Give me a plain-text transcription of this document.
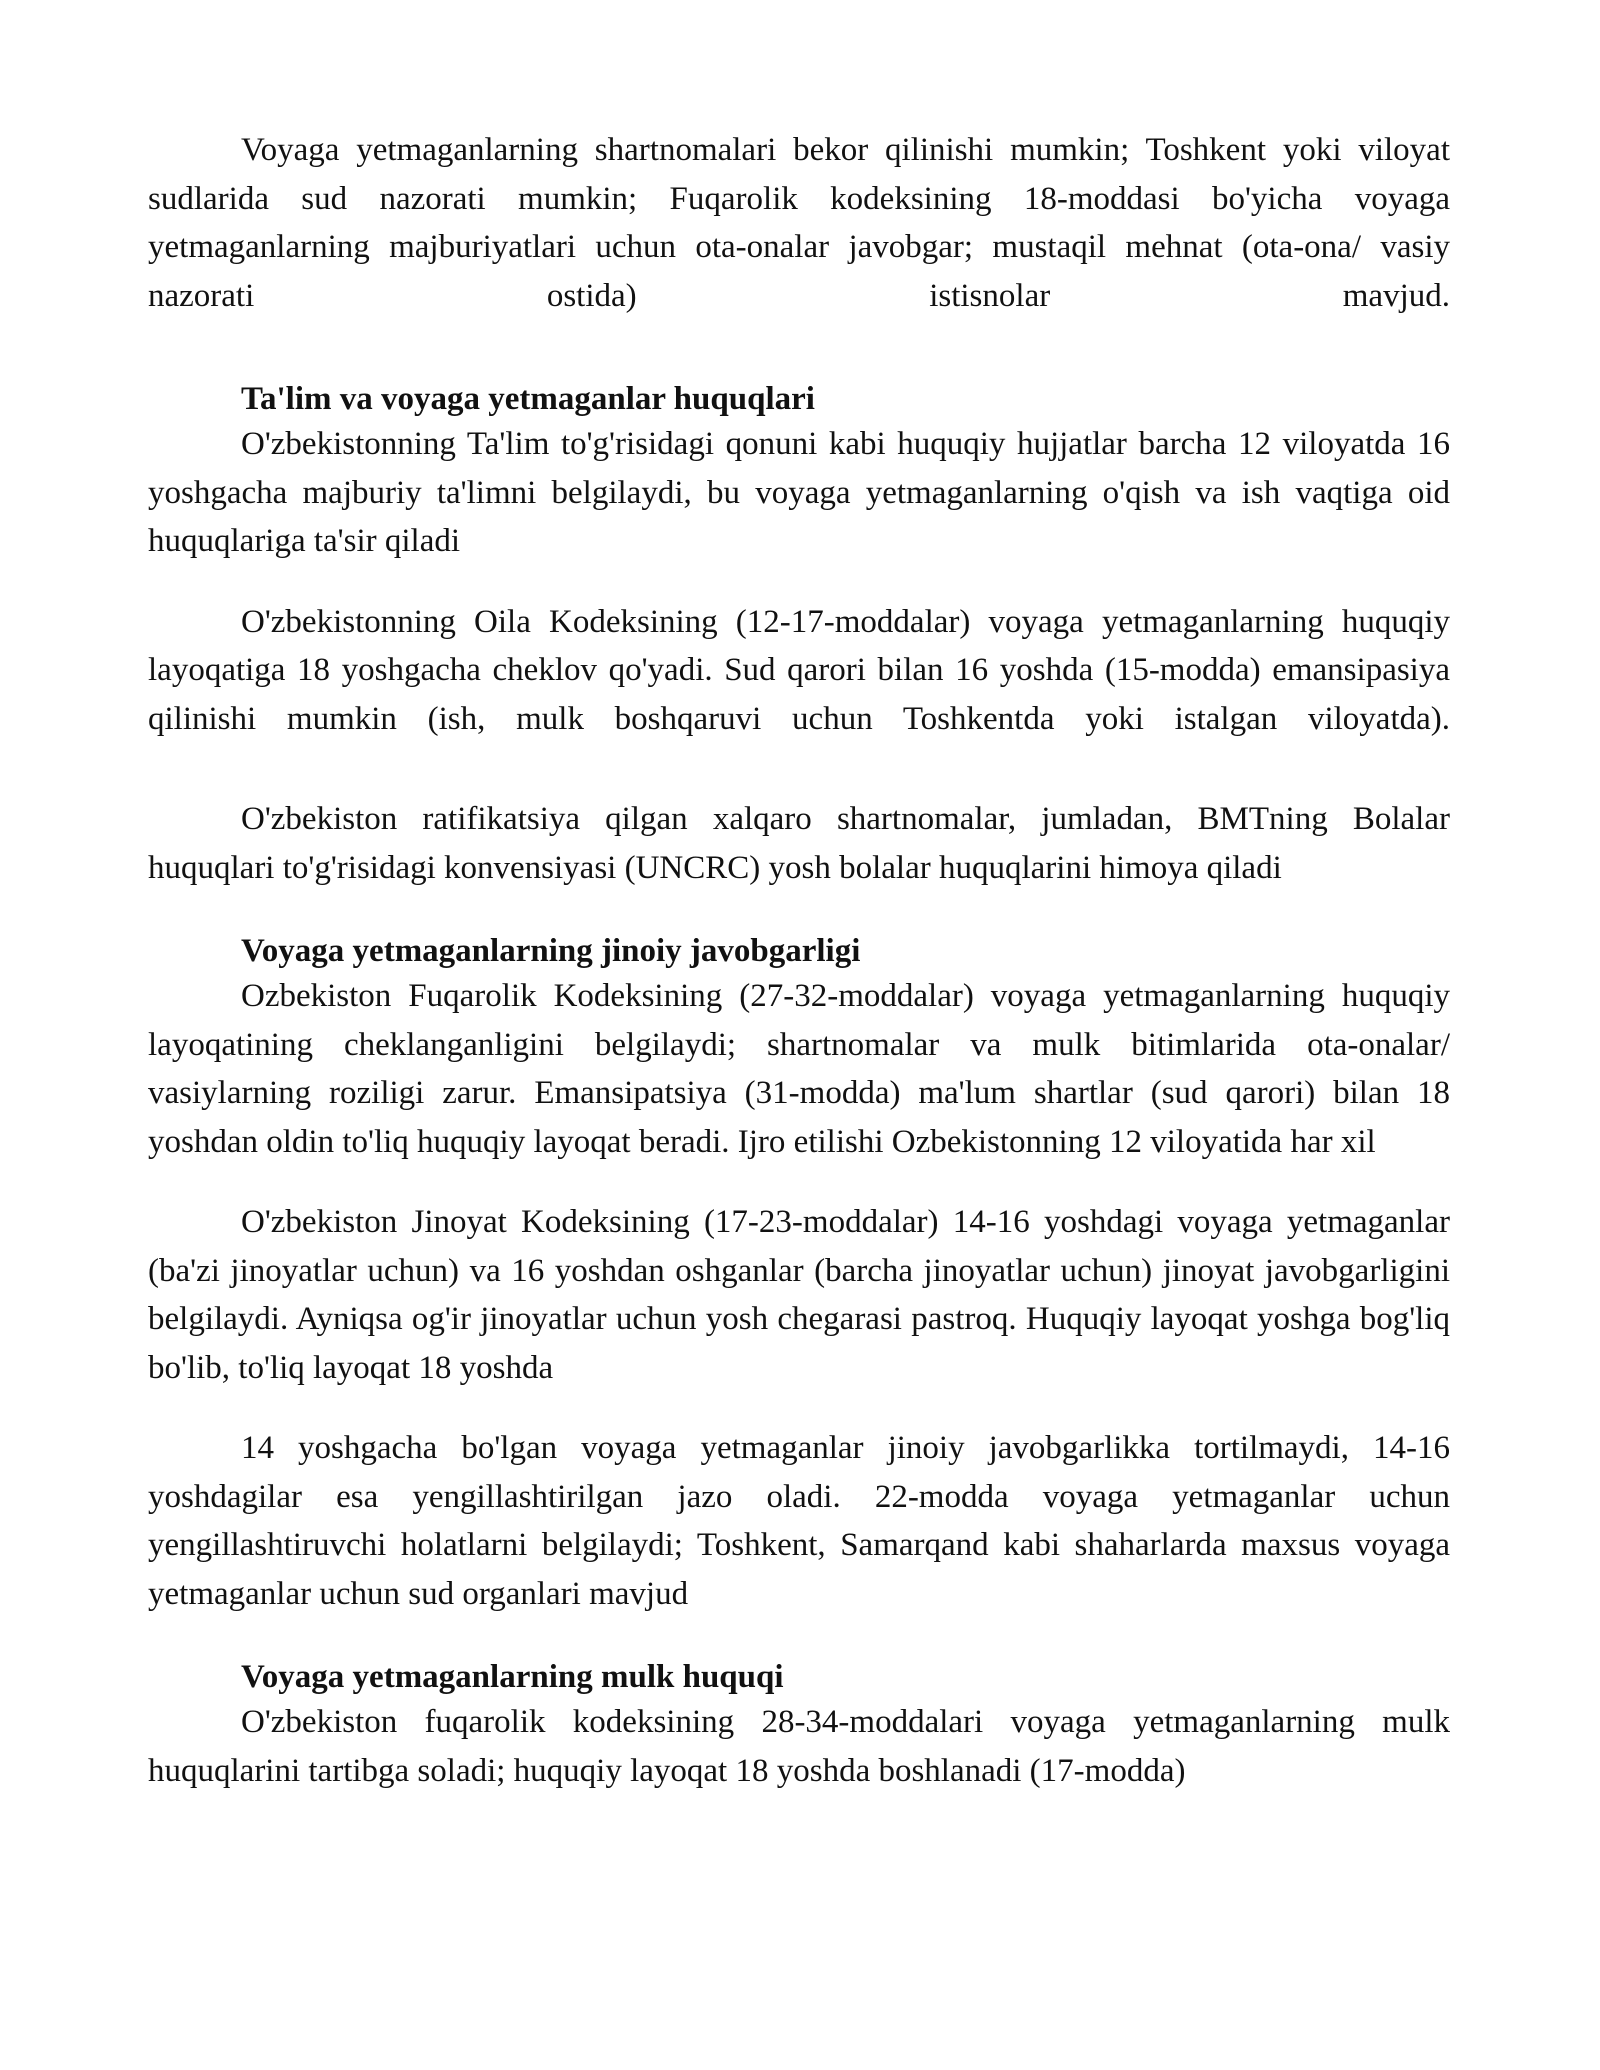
Voyaga yetmaganlarning shartnomalari bekor qilinishi mumkin; Toshkent yoki viloyat sudlarida sud nazorati mumkin; Fuqarolik kodeksining 18-moddasi bo'yicha voyaga yetmaganlarning majburiyatlari uchun ota-onalar javobgar; mustaqil mehnat (ota-ona/ vasiy nazorati ostida) istisnolar mavjud.

Ta'lim va voyaga yetmaganlar huquqlari

O'zbekistonning Ta'lim to'g'risidagi qonuni kabi huquqiy hujjatlar barcha 12 viloyatda 16 yoshgacha majburiy ta'limni belgilaydi, bu voyaga yetmaganlarning o'qish va ish vaqtiga oid huquqlariga ta'sir qiladi

O'zbekistonning Oila Kodeksining (12-17-moddalar) voyaga yetmaganlarning huquqiy layoqatiga 18 yoshgacha cheklov qo'yadi. Sud qarori bilan 16 yoshda (15-modda) emansipasiya qilinishi mumkin (ish, mulk boshqaruvi uchun Toshkentda yoki istalgan viloyatda).

O'zbekiston ratifikatsiya qilgan xalqaro shartnomalar, jumladan, BMTning Bolalar huquqlari to'g'risidagi konvensiyasi (UNCRC) yosh bolalar huquqlarini himoya qiladi

Voyaga yetmaganlarning jinoiy javobgarligi

Ozbekiston Fuqarolik Kodeksining (27-32-moddalar) voyaga yetmaganlarning huquqiy layoqatining cheklanganligini belgilaydi; shartnomalar va mulk bitimlarida ota-onalar/ vasiylarning roziligi zarur. Emansipatsiya (31-modda) ma'lum shartlar (sud qarori) bilan 18 yoshdan oldin to'liq huquqiy layoqat beradi. Ijro etilishi Ozbekistonning 12 viloyatida har xil

O'zbekiston Jinoyat Kodeksining (17-23-moddalar) 14-16 yoshdagi voyaga yetmaganlar (ba'zi jinoyatlar uchun) va 16 yoshdan oshganlar (barcha jinoyatlar uchun) jinoyat javobgarligini belgilaydi. Ayniqsa og'ir jinoyatlar uchun yosh chegarasi pastroq. Huquqiy layoqat yoshga bog'liq bo'lib, to'liq layoqat 18 yoshda

14 yoshgacha bo'lgan voyaga yetmaganlar jinoiy javobgarlikka tortilmaydi, 14-16 yoshdagilar esa yengillashtirilgan jazo oladi. 22-modda voyaga yetmaganlar uchun yengillashtiruvchi holatlarni belgilaydi; Toshkent, Samarqand kabi shaharlarda maxsus voyaga yetmaganlar uchun sud organlari mavjud

Voyaga yetmaganlarning mulk huquqi

O'zbekiston fuqarolik kodeksining 28-34-moddalari voyaga yetmaganlarning mulk huquqlarini tartibga soladi; huquqiy layoqat 18 yoshda boshlanadi (17-modda)
